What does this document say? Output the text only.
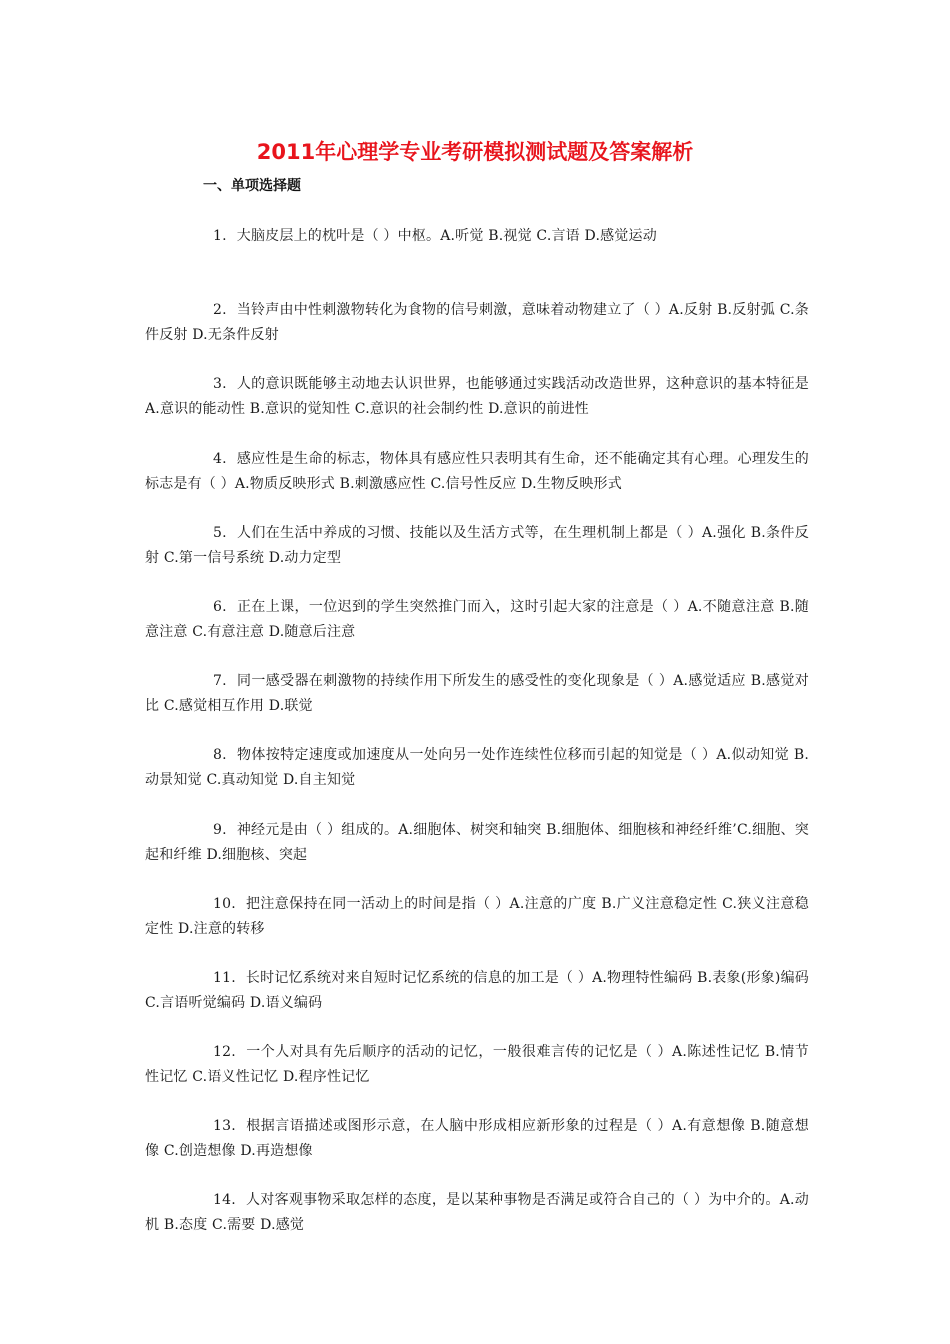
2011年心理学专业考研模拟测试题及答案解析
一、单项选择题
1. 大脑皮层上的枕叶是（ ）中枢。A.听觉 B.视觉 C.言语 D.感觉运动
2. 当铃声由中性刺激物转化为食物的信号刺激，意味着动物建立了（ ）A.反射 B.反射弧 C.条件反射 D.无条件反射
3. 人的意识既能够主动地去认识世界，也能够通过实践活动改造世界，这种意识的基本特征是 A.意识的能动性 B.意识的觉知性 C.意识的社会制约性 D.意识的前进性
4. 感应性是生命的标志，物体具有感应性只表明其有生命，还不能确定其有心理。心理发生的标志是有（ ）A.物质反映形式 B.刺激感应性 C.信号性反应 D.生物反映形式
5. 人们在生活中养成的习惯、技能以及生活方式等，在生理机制上都是（ ）A.强化 B.条件反射 C.第一信号系统 D.动力定型
6. 正在上课，一位迟到的学生突然推门而入，这时引起大家的注意是（ ）A.不随意注意 B.随意注意 C.有意注意 D.随意后注意
7. 同一感受器在刺激物的持续作用下所发生的感受性的变化现象是（ ）A.感觉适应 B.感觉对比 C.感觉相互作用 D.联觉
8. 物体按特定速度或加速度从一处向另一处作连续性位移而引起的知觉是（ ）A.似动知觉 B.动景知觉 C.真动知觉 D.自主知觉
9. 神经元是由（ ）组成的。A.细胞体、树突和轴突 B.细胞体、细胞核和神经纤维’C.细胞、突起和纤维 D.细胞核、突起
10. 把注意保持在同一活动上的时间是指（ ）A.注意的广度 B.广义注意稳定性 C.狭义注意稳定性 D.注意的转移
11. 长时记忆系统对来自短时记忆系统的信息的加工是（ ）A.物理特性编码 B.表象(形象)编码 C.言语听觉编码 D.语义编码
12. 一个人对具有先后顺序的活动的记忆，一般很难言传的记忆是（ ）A.陈述性记忆 B.情节性记忆 C.语义性记忆 D.程序性记忆
13. 根据言语描述或图形示意，在人脑中形成相应新形象的过程是（ ）A.有意想像 B.随意想像 C.创造想像 D.再造想像
14. 人对客观事物采取怎样的态度，是以某种事物是否满足或符合自己的（ ）为中介的。A.动机 B.态度 C.需要 D.感觉
